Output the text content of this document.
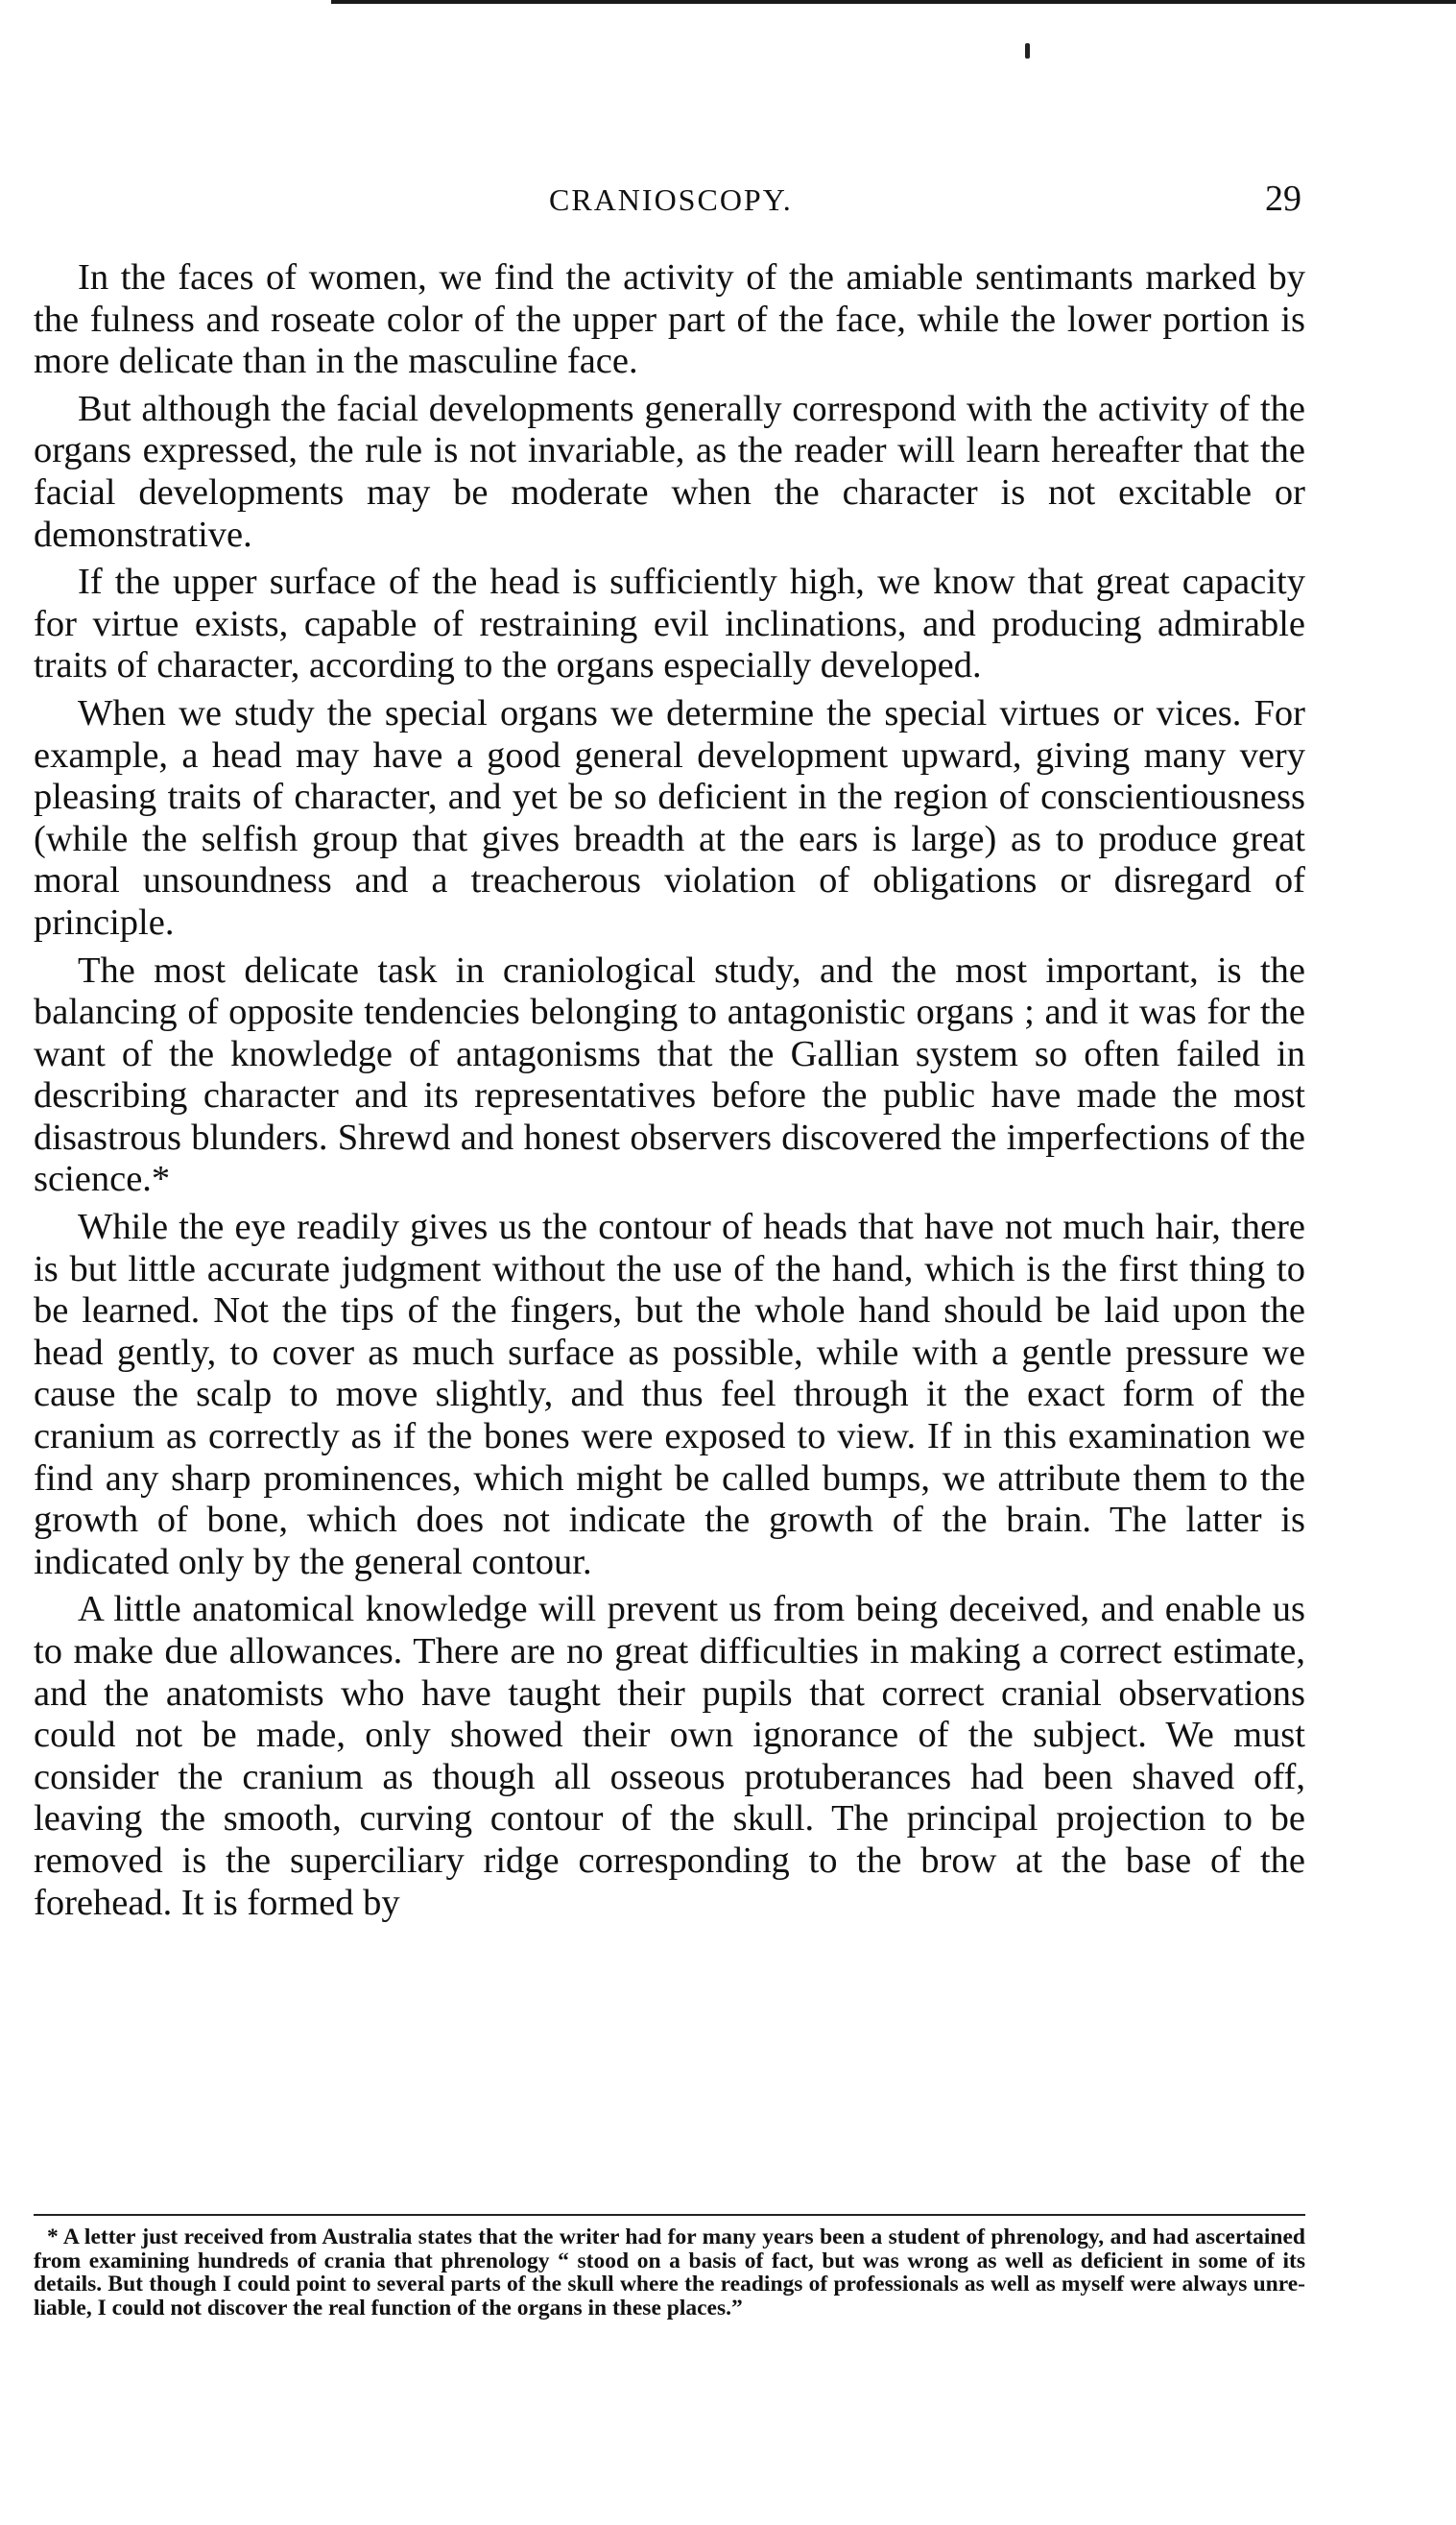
CRANIOSCOPY.	29

In the faces of women, we find the activity of the amiable sentimants marked by the fulness and roseate color of the upper part of the face, while the lower portion is more delicate than in the masculine face.

But although the facial developments generally correspond with the activity of the organs expressed, the rule is not invariable, as the reader will learn hereafter that the facial developments may be moderate when the character is not excitable or demonstrative.

If the upper surface of the head is sufficiently high, we know that great capacity for virtue exists, capable of restraining evil inclinations, and producing admirable traits of character, according to the organs especially developed.

When we study the special organs we determine the special virtues or vices. For example, a head may have a good general development upward, giving many very pleasing traits of character, and yet be so deficient in the region of conscientiousness (while the selfish group that gives breadth at the ears is large) as to produce great moral unsoundness and a treacherous violation of obligations or disregard of principle.

The most delicate task in craniological study, and the most important, is the balancing of opposite tendencies belonging to antagonistic organs ; and it was for the want of the knowledge of antagonisms that the Gallian system so often failed in describing character and its representatives before the public have made the most disastrous blunders. Shrewd and honest observers discovered the imperfections of the science.*

While the eye readily gives us the contour of heads that have not much hair, there is but little accurate judgment without the use of the hand, which is the first thing to be learned. Not the tips of the fingers, but the whole hand should be laid upon the head gently, to cover as much surface as possible, while with a gentle pressure we cause the scalp to move slightly, and thus feel through it the exact form of the cranium as correctly as if the bones were exposed to view. If in this examination we find any sharp prominences, which might be called bumps, we attribute them to the growth of bone, which does not indicate the growth of the brain. The latter is indicated only by the general contour.

A little anatomical knowledge will prevent us from being deceived, and enable us to make due allowances. There are no great difficulties in making a correct estimate, and the anatomists who have taught their pupils that correct cranial observations could not be made, only showed their own ignorance of the subject. We must consider the cranium as though all osseous protuberances had been shaved off, leaving the smooth, curving contour of the skull. The principal projection to be removed is the superciliary ridge corresponding to the brow at the base of the forehead. It is formed by

* A letter just received from Australia states that the writer had for many years been a student of phrenology, and had ascertained from examining hundreds of crania that phrenology “ stood on a basis of fact, but was wrong as well as deficient in some of its details. But though I could point to several parts of the skull where the readings of professionals as well as myself were always unreliable, I could not discover the real function of the organs in these places.”
